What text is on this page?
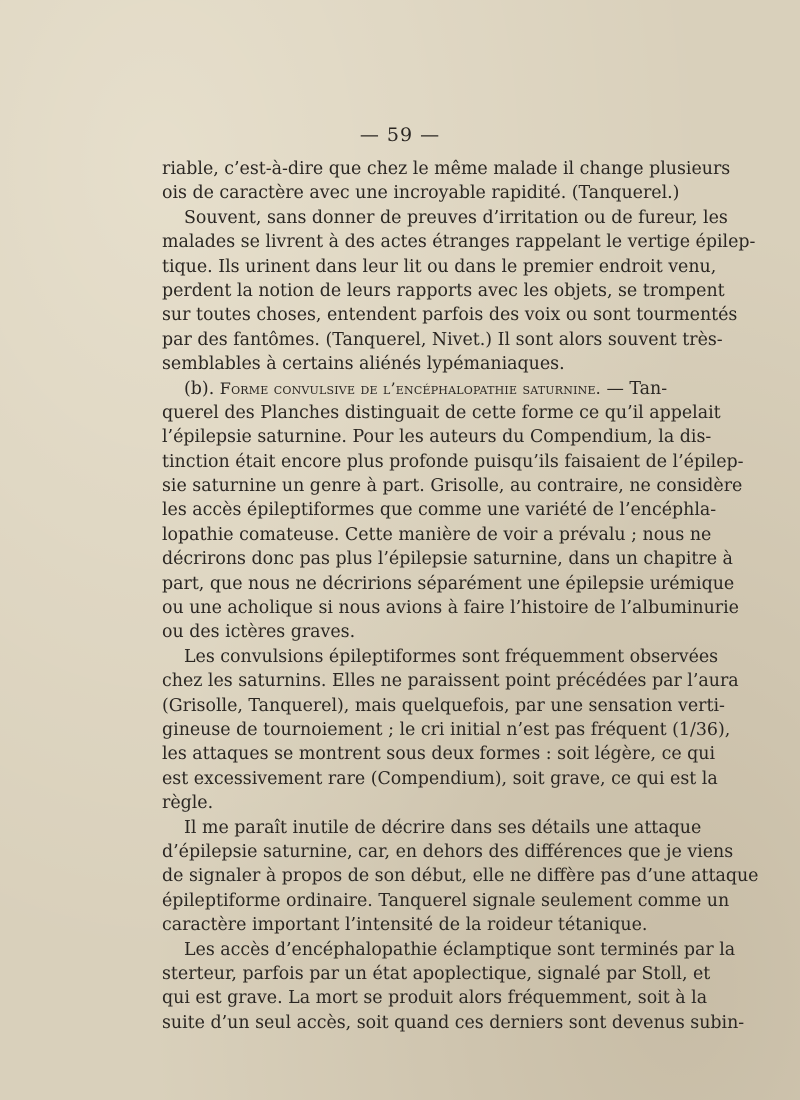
— 59 —
riable, c’est-à-dire que chez le même malade il change plusieurs
ois de caractère avec une incroyable rapidité. (Tanquerel.)
Souvent, sans donner de preuves d’irritation ou de fureur, les
malades se livrent à des actes étranges rappelant le vertige épilep-
tique. Ils urinent dans leur lit ou dans le premier endroit venu,
perdent la notion de leurs rapports avec les objets, se trompent
sur toutes choses, entendent parfois des voix ou sont tourmentés
par des fantômes. (Tanquerel, Nivet.) Il sont alors souvent très-
semblables à certains aliénés lypémaniaques.
(b). Forme convulsive de l’encéphalopathie saturnine. — Tan-
querel des Planches distinguait de cette forme ce qu’il appelait
l’épilepsie saturnine. Pour les auteurs du Compendium, la dis-
tinction était encore plus profonde puisqu’ils faisaient de l’épilep-
sie saturnine un genre à part. Grisolle, au contraire, ne considère
les accès épileptiformes que comme une variété de l’encéphla-
lopathie comateuse. Cette manière de voir a prévalu ; nous ne
décrirons donc pas plus l’épilepsie saturnine, dans un chapitre à
part, que nous ne décririons séparément une épilepsie urémique
ou une acholique si nous avions à faire l’histoire de l’albuminurie
ou des ictères graves.
Les convulsions épileptiformes sont fréquemment observées
chez les saturnins. Elles ne paraissent point précédées par l’aura
(Grisolle, Tanquerel), mais quelquefois, par une sensation verti-
gineuse de tournoiement ; le cri initial n’est pas fréquent (1/36),
les attaques se montrent sous deux formes : soit légère, ce qui
est excessivement rare (Compendium), soit grave, ce qui est la
règle.
Il me paraît inutile de décrire dans ses détails une attaque
d’épilepsie saturnine, car, en dehors des différences que je viens
de signaler à propos de son début, elle ne diffère pas d’une attaque
épileptiforme ordinaire. Tanquerel signale seulement comme un
caractère important l’intensité de la roideur tétanique.
Les accès d’encéphalopathie éclamptique sont terminés par la
sterteur, parfois par un état apoplectique, signalé par Stoll, et
qui est grave. La mort se produit alors fréquemment, soit à la
suite d’un seul accès, soit quand ces derniers sont devenus subin-
